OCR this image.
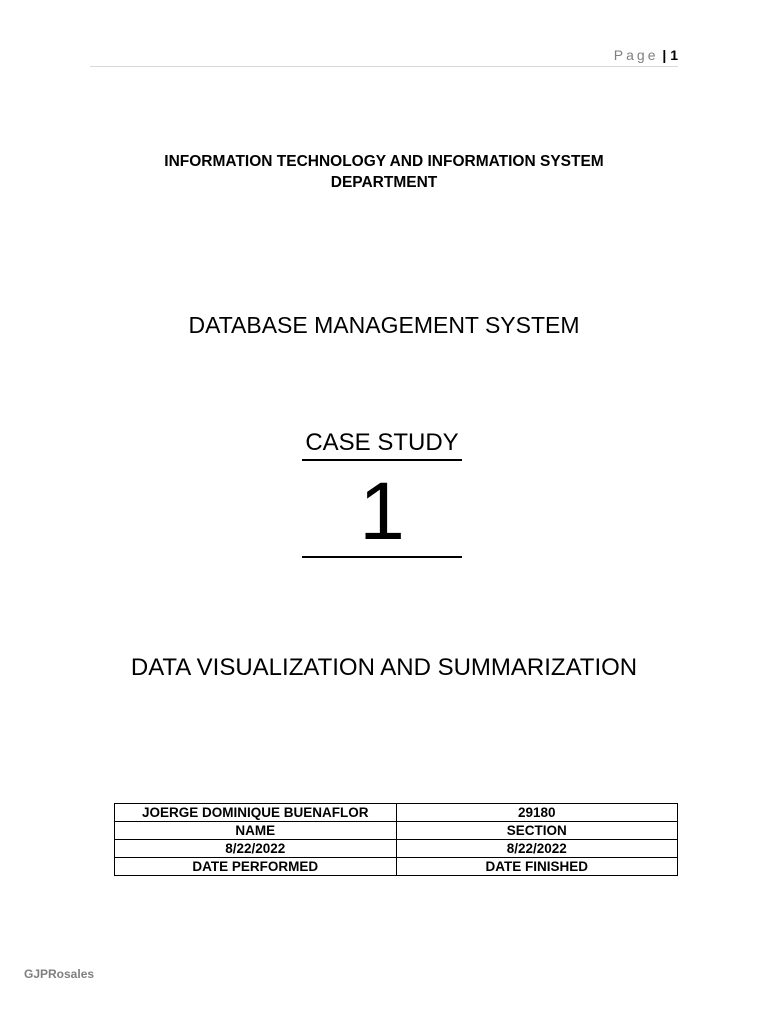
Page | 1
INFORMATION TECHNOLOGY AND INFORMATION SYSTEM
DEPARTMENT
DATABASE MANAGEMENT SYSTEM
CASE STUDY
1
DATA VISUALIZATION AND SUMMARIZATION
JOERGE DOMINIQUE BUENAFLOR	29180
NAME	SECTION
8/22/2022	8/22/2022
DATE PERFORMED	DATE FINISHED
GJPRosales
